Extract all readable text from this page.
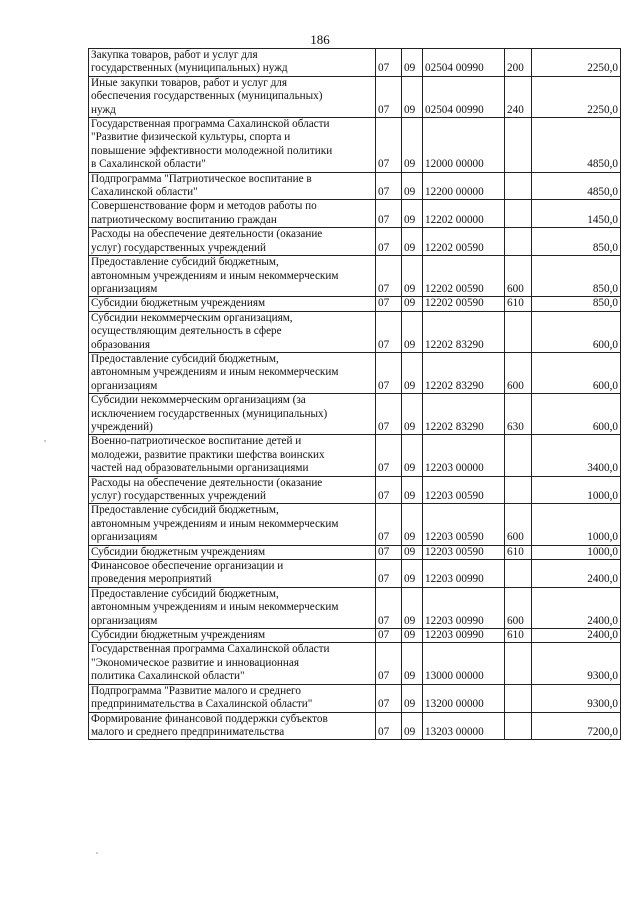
186
Закупка товаров, работ и услуг для
государственных (муниципальных) нужд	07	09	02504 00990	200	2250,0

Иные закупки товаров, работ и услуг для
обеспечения государственных (муниципальных)
нужд	07	09	02504 00990	240	2250,0

Государственная программа Сахалинской области
"Развитие физической культуры, спорта и
повышение эффективности молодежной политики
в Сахалинской области"	07	09	12000 00000		4850,0

Подпрограмма "Патриотическое воспитание в
Сахалинской области"	07	09	12200 00000		4850,0

Совершенствование форм и методов работы по
патриотическому воспитанию граждан	07	09	12202 00000		1450,0

Расходы на обеспечение деятельности (оказание
услуг) государственных учреждений	07	09	12202 00590		850,0

Предоставление субсидий бюджетным,
автономным учреждениям и иным некоммерческим
организациям	07	09	12202 00590	600	850,0

Субсидии бюджетным учреждениям	07	09	12202 00590	610	850,0

Субсидии некоммерческим организациям,
осуществляющим деятельность в сфере
образования	07	09	12202 83290		600,0

Предоставление субсидий бюджетным,
автономным учреждениям и иным некоммерческим
организациям	07	09	12202 83290	600	600,0

Субсидии некоммерческим организациям (за
исключением государственных (муниципальных)
учреждений)	07	09	12202 83290	630	600,0

Военно-патриотическое воспитание детей и
молодежи, развитие практики шефства воинских
частей над образовательными организациями	07	09	12203 00000		3400,0

Расходы на обеспечение деятельности (оказание
услуг) государственных учреждений	07	09	12203 00590		1000,0

Предоставление субсидий бюджетным,
автономным учреждениям и иным некоммерческим
организациям	07	09	12203 00590	600	1000,0

Субсидии бюджетным учреждениям	07	09	12203 00590	610	1000,0

Финансовое обеспечение организации и
проведения мероприятий	07	09	12203 00990		2400,0

Предоставление субсидий бюджетным,
автономным учреждениям и иным некоммерческим
организациям	07	09	12203 00990	600	2400,0

Субсидии бюджетным учреждениям	07	09	12203 00990	610	2400,0

Государственная программа Сахалинской области
"Экономическое развитие и инновационная
политика Сахалинской области"	07	09	13000 00000		9300,0

Подпрограмма "Развитие малого и среднего
предпринимательства в Сахалинской области"	07	09	13200 00000		9300,0

Формирование финансовой поддержки субъектов
малого и среднего предпринимательства	07	09	13203 00000		7200,0
